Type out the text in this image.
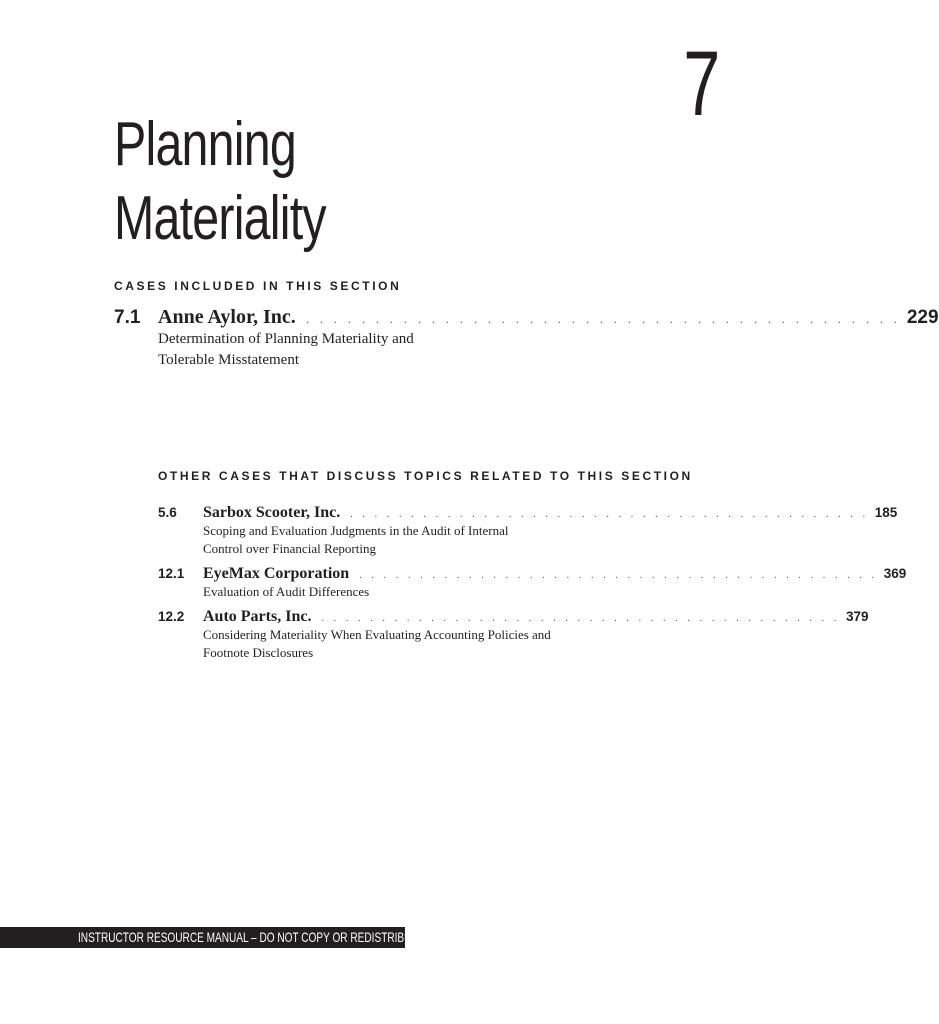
7
Planning
Materiality
CASES INCLUDED IN THIS SECTION
7.1 Anne Aylor, Inc. . . . . . . . . . . . . . . . . . . . . . . . . . . . . . . . . . . . . . . . . . . . 229
Determination of Planning Materiality and
Tolerable Misstatement
OTHER CASES THAT DISCUSS TOPICS RELATED TO THIS SECTION
5.6	Sarbox Scooter, Inc. . . . . . . . . . . . . . . . . . . . . . . . . . . . . . . . . . . . . . . . . . . . 185
Scoping and Evaluation Judgments in the Audit of Internal
Control over Financial Reporting
12.1	EyeMax Corporation . . . . . . . . . . . . . . . . . . . . . . . . . . . . . . . . . . . . . . . . . . . 369
Evaluation of Audit Differences
12.2	Auto Parts, Inc. . . . . . . . . . . . . . . . . . . . . . . . . . . . . . . . . . . . . . . . . . . . 379
Considering Materiality When Evaluating Accounting Policies and
Footnote Disclosures
INSTRUCTOR RESOURCE MANUAL – DO NOT COPY OR REDISTRIBUTE
